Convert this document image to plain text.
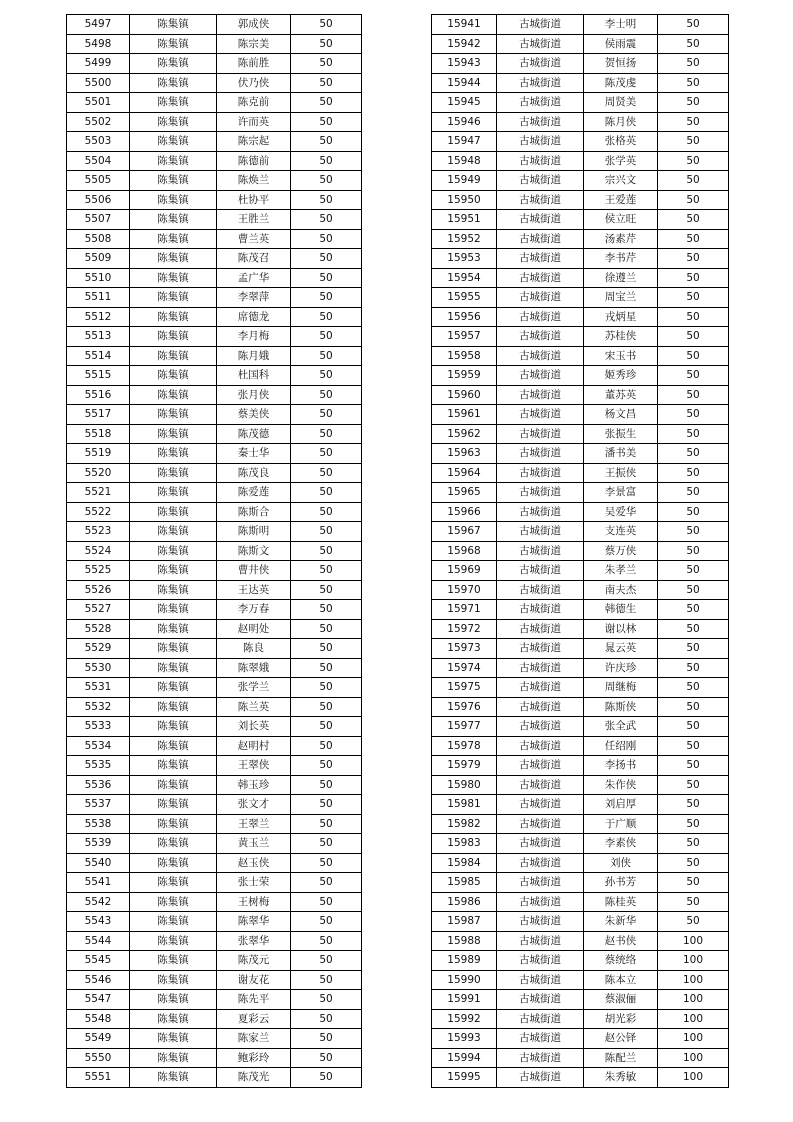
5497	陈集镇	郭成侠	50
5498	陈集镇	陈宗美	50
5499	陈集镇	陈前胜	50
5500	陈集镇	伏乃侠	50
5501	陈集镇	陈克前	50
5502	陈集镇	许而英	50
5503	陈集镇	陈宗起	50
5504	陈集镇	陈德前	50
5505	陈集镇	陈焕兰	50
5506	陈集镇	杜协平	50
5507	陈集镇	王胜兰	50
5508	陈集镇	曹兰英	50
5509	陈集镇	陈茂召	50
5510	陈集镇	孟广华	50
5511	陈集镇	李翠萍	50
5512	陈集镇	席德龙	50
5513	陈集镇	李月梅	50
5514	陈集镇	陈月娥	50
5515	陈集镇	杜国科	50
5516	陈集镇	张月侠	50
5517	陈集镇	蔡美侠	50
5518	陈集镇	陈茂德	50
5519	陈集镇	秦士华	50
5520	陈集镇	陈茂良	50
5521	陈集镇	陈爱莲	50
5522	陈集镇	陈斯合	50
5523	陈集镇	陈斯明	50
5524	陈集镇	陈斯文	50
5525	陈集镇	曹井侠	50
5526	陈集镇	王达英	50
5527	陈集镇	李万春	50
5528	陈集镇	赵明处	50
5529	陈集镇	陈良	50
5530	陈集镇	陈翠娥	50
5531	陈集镇	张学兰	50
5532	陈集镇	陈兰英	50
5533	陈集镇	刘长英	50
5534	陈集镇	赵明村	50
5535	陈集镇	王翠侠	50
5536	陈集镇	韩玉珍	50
5537	陈集镇	张文才	50
5538	陈集镇	王翠兰	50
5539	陈集镇	黄玉兰	50
5540	陈集镇	赵玉侠	50
5541	陈集镇	张士荣	50
5542	陈集镇	王树梅	50
5543	陈集镇	陈翠华	50
5544	陈集镇	张翠华	50
5545	陈集镇	陈茂元	50
5546	陈集镇	谢友花	50
5547	陈集镇	陈先平	50
5548	陈集镇	夏彩云	50
5549	陈集镇	陈家兰	50
5550	陈集镇	鲍彩玲	50
5551	陈集镇	陈茂光	50
15941	古城街道	李士明	50
15942	古城街道	侯雨震	50
15943	古城街道	贺恒扬	50
15944	古城街道	陈茂虔	50
15945	古城街道	周贤美	50
15946	古城街道	陈月侠	50
15947	古城街道	张格英	50
15948	古城街道	张学英	50
15949	古城街道	宗兴文	50
15950	古城街道	王爱莲	50
15951	古城街道	侯立旺	50
15952	古城街道	汤素芹	50
15953	古城街道	李书芹	50
15954	古城街道	徐遵兰	50
15955	古城街道	周宝兰	50
15956	古城街道	戎炳星	50
15957	古城街道	苏桂侠	50
15958	古城街道	宋玉书	50
15959	古城街道	姬秀珍	50
15960	古城街道	董苏英	50
15961	古城街道	杨文昌	50
15962	古城街道	张振生	50
15963	古城街道	潘书美	50
15964	古城街道	王振侠	50
15965	古城街道	李景富	50
15966	古城街道	吴爱华	50
15967	古城街道	支连英	50
15968	古城街道	蔡万侠	50
15969	古城街道	朱孝兰	50
15970	古城街道	南夫杰	50
15971	古城街道	韩德生	50
15972	古城街道	谢以林	50
15973	古城街道	晁云英	50
15974	古城街道	许庆珍	50
15975	古城街道	周继梅	50
15976	古城街道	陈斯侠	50
15977	古城街道	张全武	50
15978	古城街道	任绍刚	50
15979	古城街道	李扬书	50
15980	古城街道	朱作侠	50
15981	古城街道	刘启厚	50
15982	古城街道	于广顺	50
15983	古城街道	李素侠	50
15984	古城街道	刘侠	50
15985	古城街道	孙书芳	50
15986	古城街道	陈桂英	50
15987	古城街道	朱新华	50
15988	古城街道	赵书侠	100
15989	古城街道	蔡统络	100
15990	古城街道	陈本立	100
15991	古城街道	蔡淑俪	100
15992	古城街道	胡光彩	100
15993	古城街道	赵公铎	100
15994	古城街道	陈配兰	100
15995	古城街道	朱秀敏	100
